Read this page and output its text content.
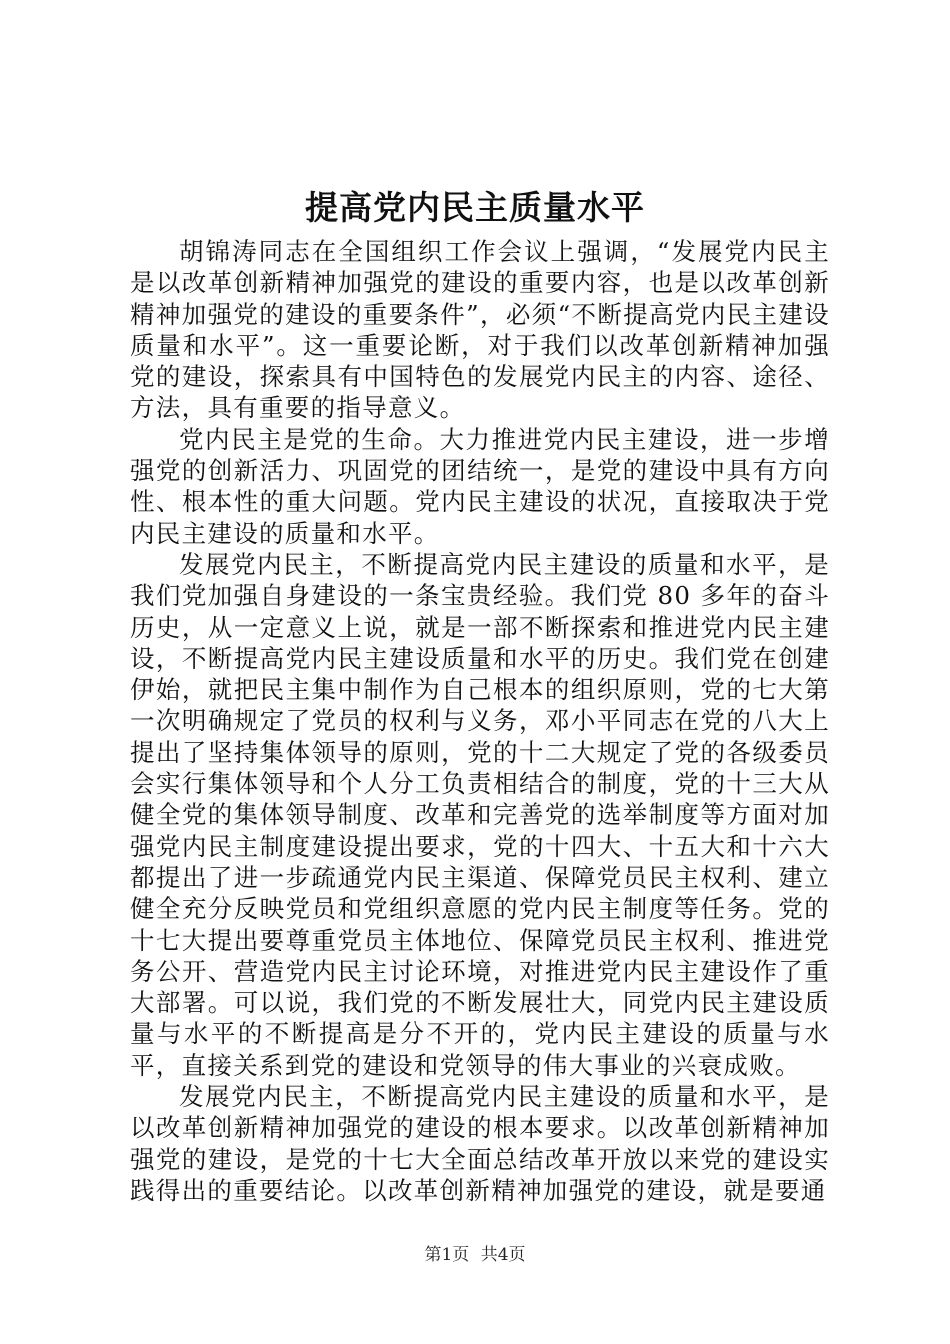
提高党内民主质量水平

胡锦涛同志在全国组织工作会议上强调，“发展党内民主是以改革创新精神加强党的建设的重要内容，也是以改革创新精神加强党的建设的重要条件”，必须“不断提高党内民主建设质量和水平”。这一重要论断，对于我们以改革创新精神加强党的建设，探索具有中国特色的发展党内民主的内容、途径、方法，具有重要的指导意义。

党内民主是党的生命。大力推进党内民主建设，进一步增强党的创新活力、巩固党的团结统一，是党的建设中具有方向性、根本性的重大问题。党内民主建设的状况，直接取决于党内民主建设的质量和水平。

发展党内民主，不断提高党内民主建设的质量和水平，是我们党加强自身建设的一条宝贵经验。我们党 80 多年的奋斗历史，从一定意义上说，就是一部不断探索和推进党内民主建设，不断提高党内民主建设质量和水平的历史。我们党在创建伊始，就把民主集中制作为自己根本的组织原则，党的七大第一次明确规定了党员的权利与义务，邓小平同志在党的八大上提出了坚持集体领导的原则，党的十二大规定了党的各级委员会实行集体领导和个人分工负责相结合的制度，党的十三大从健全党的集体领导制度、改革和完善党的选举制度等方面对加强党内民主制度建设提出要求，党的十四大、十五大和十六大都提出了进一步疏通党内民主渠道、保障党员民主权利、建立健全充分反映党员和党组织意愿的党内民主制度等任务。党的十七大提出要尊重党员主体地位、保障党员民主权利、推进党务公开、营造党内民主讨论环境，对推进党内民主建设作了重大部署。可以说，我们党的不断发展壮大，同党内民主建设质量与水平的不断提高是分不开的，党内民主建设的质量与水平，直接关系到党的建设和党领导的伟大事业的兴衰成败。

发展党内民主，不断提高党内民主建设的质量和水平，是以改革创新精神加强党的建设的根本要求。以改革创新精神加强党的建设，是党的十七大全面总结改革开放以来党的建设实践得出的重要结论。以改革创新精神加强党的建设，就是要通

第1页 共4页
